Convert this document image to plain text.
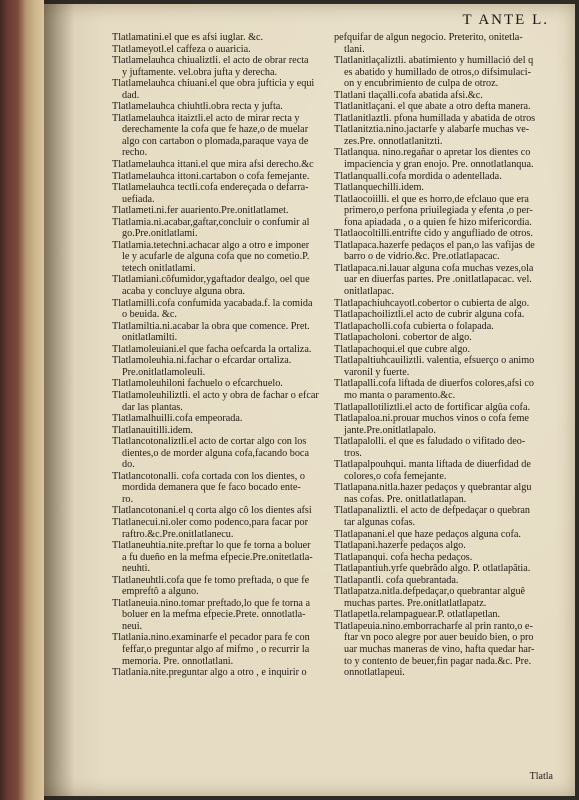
T ANTE L.
Tlatlamatini.el que es afsi iuglar. &c.
Tlatlameyotl.el caffeza o auaricia.
Tlatlamelauhca chiualiztli. el acto de obrar recta
y juftamente. vel.obra jufta y derecha.
Tlatlamelauhca chiuani.el que obra jufticia y equi
dad.
Tlatlamelauhca chiuhtli.obra recta y jufta.
Tlatlamelauhca itaiztli.el acto de mirar recta y
derechamente la cofa que fe haze,o de muelar
algo con cartabon o plomada,paraque vaya de
recho.
Tlatlamelauhca ittani.el que mira afsi derecho.&c
Tlatlamelauhca ittoni.cartabon o cofa femejante.
Tlatlamelauhca tectli.cofa endereçada o defarra-
uefiada.
Tlatlameti.ni.fer auariento.Pre.onitlatlamet.
Tlatlamia.ni.acabar,gaftar,concluir o confumir al
go.Pre.onitlatlami.
Tlatlamia.tetechni.achacar algo a otro e imponer
le y acufarle de alguna cofa que no cometio.P.
tetech onitlatlami.
Tlatlamiani.côfumidor,ygaftador dealgo, oel que
acaba y concluye alguna obra.
Tlatlamilli.cofa confumida yacabada.f. la comida
o beuida. &c.
Tlatlamiltia.ni.acabar la obra que comence. Pret.
onitlatlamilti.
Tlatlamoleuiani.el que facha oefcarda la ortaliza.
Tlatlamoleuhia.ni.fachar o efcardar ortaliza.
Pre.onitlatlamoleuli.
Tlatlamoleuhiloni fachuelo o efcarchuelo.
Tlatlamoleuhiliztli. el acto y obra de fachar o efcar
dar las plantas.
Tlatlamalhuilli.cofa empeorada.
Tlatlanauitilli.idem.
Tlatlancotonaliztli.el acto de cortar algo con los
dientes,o de morder alguna cofa,facando boca
do.
Tlatlancotonalli. cofa cortada con los dientes, o
mordida demanera que fe faco bocado ente-
ro.
Tlatlancotonani.el q corta algo cô los dientes afsi
Tlatlanecui.ni.oler como podenco,para facar por
raftro.&c.Pre.onitlatlanecu.
Tlatlaneuhtia.nite.preftar lo que fe torna a boluer
a fu dueño en la mefma efpecie.Pre.onitetlatla-
neuhti.
Tlatlaneuhtli.cofa que fe tomo preftada, o que fe
empreftô a alguno.
Tlatlaneuia.nino.tomar preftado,lo que fe torna a
boluer en la mefma efpecie.Prete. onnotlatla-
neui.
Tlatlania.nino.examinarfe el pecador para fe con
feffar,o preguntar algo af mifmo , o recurrir la
memoria. Pre. onnotlatlani.
Tlatlania.nite.preguntar algo a otro , e inquirir o
pefquifar de algun negocio. Preterito, onitetla-
tlani.
Tlatlanitlaçaliztli. abatimiento y humillació del q
es abatido y humillado de otros,o difsimulaci-
on y encubrimiento de culpa de otroz.
Tlatlani tlaçalli.cofa abatida afsi.&c.
Tlatlanitlaçani. el que abate a otro defta manera.
Tlatlanitlaztli. pfona humillada y abatida de otros
Tlatlanitztia.nino.jactarfe y alabarfe muchas ve-
zes.Pre. onnotlatlanitzti.
Tlatlanqua. nino.regañar o apretar los dientes co
impaciencia y gran enojo. Pre. onnotlatlanqua.
Tlatlanqualli.cofa mordida o adentellada.
Tlatlanquechilli.idem.
Tlatlaocoiilli. el que es horro,de efclauo que era
primero,o perfona priuilegiada y efenta ,o per-
fona apiadada , o a quien fe hizo mifericordia.
Tlatlaocoltilli.entrifte cido y angufliado de otros.
Tlatlapaca.hazerfe pedaços el pan,o las vafijas de
barro o de vidrio.&c. Pre.otlatlapacac.
Tlatlapaca.ni.lauar alguna cofa muchas vezes,ola
uar en diuerfas partes. Pre .onitlatlapacac. vel.
onitlatlapac.
Tlatlapachiuhcayotl.cobertor o cubierta de algo.
Tlatlapachoiliztli.el acto de cubrir alguna cofa.
Tlatlapacholli.cofa cubierta o folapada.
Tlatlapacholoni. cobertor de algo.
Tlatlapachoqui.el que cubre algo.
Tlatlapaltiuhcauiliztli. valentia, efsuerço o animo
varonil y fuerte.
Tlatlapalli.cofa liftada de diuerfos colores,afsi co
mo manta o paramento.&c.
Tlatlapallotiliztli.el acto de fortificar algûa cofa.
Tlatlapaloa.ni.prouar muchos vinos o cofa feme
jante.Pre.onitlatlapalo.
Tlatlapalolli. el que es faludado o vifitado deo-
tros.
Tlatlapalpouhqui. manta liftada de diuerfidad de
colores,o cofa femejante.
Tlatlapana.nitla.hazer pedaços y quebrantar algu
nas cofas. Pre. onitlatlatlapan.
Tlatlapanaliztli. el acto de defpedaçar o quebran
tar algunas cofas.
Tlatlapanani.el que haze pedaços alguna cofa.
Tlatlapani.hazerfe pedaços algo.
Tlatlapanqui. cofa hecha pedaços.
Tlatlapantiuh.yrfe quebrãdo algo. P. otlatlapãtia.
Tlatlapantli. cofa quebrantada.
Tlatlapatza.nitla.defpedaçar,o quebrantar alguê
muchas partes. Pre.onitlatlatlapatz.
Tlatlapetla.relampaguear.P. otlatlapetlan.
Tlatlapeuia.nino.emborracharfe al prin ranto,o e-
ftar vn poco alegre por auer beuido bien, o pro
uar muchas maneras de vino, hafta quedar har-
to y contento de beuer,fin pagar nada.&c. Pre.
onnotlatlapeui.
Tlatla
